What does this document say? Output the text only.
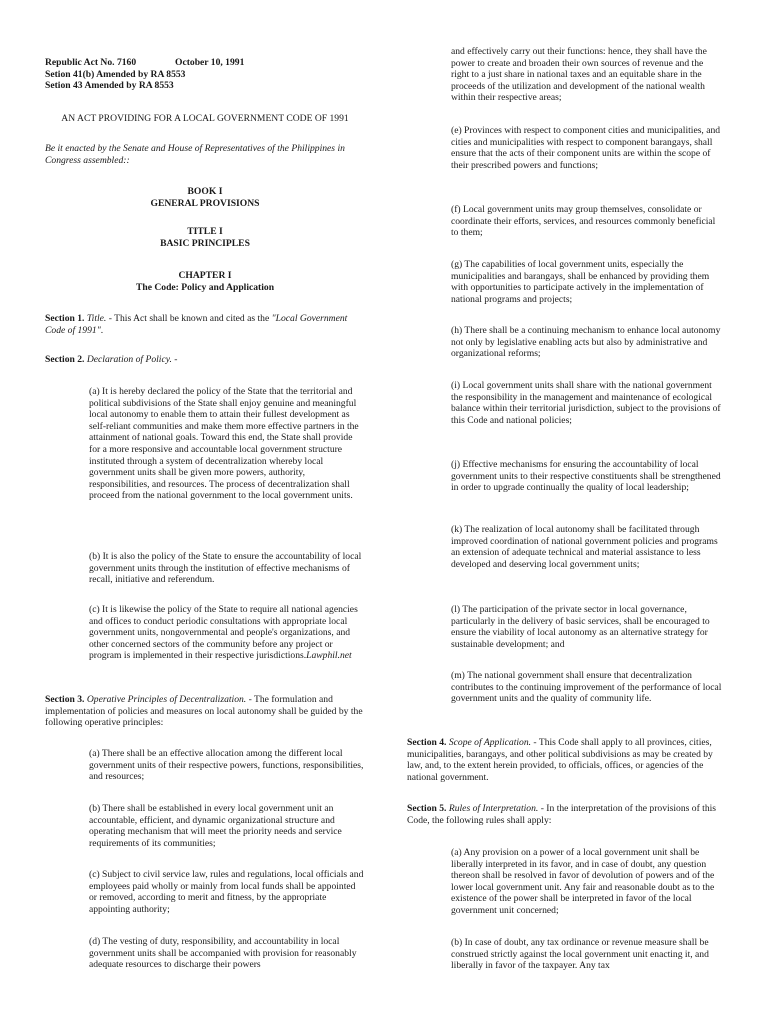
Republic Act No. 7160	October 10, 1991
Setion 41(b) Amended by RA 8553
Setion 43 Amended by RA 8553

AN ACT PROVIDING FOR A LOCAL GOVERNMENT CODE OF 1991

Be it enacted by the Senate and House of Representatives of the Philippines in Congress assembled::

BOOK I

GENERAL PROVISIONS

TITLE I

BASIC PRINCIPLES

CHAPTER I

The Code: Policy and Application

Section 1. Title. - This Act shall be known and cited as the "Local Government Code of 1991".

Section 2. Declaration of Policy. -

(a) It is hereby declared the policy of the State that the territorial and political subdivisions of the State shall enjoy genuine and meaningful local autonomy to enable them to attain their fullest development as self-reliant communities and make them more effective partners in the attainment of national goals. Toward this end, the State shall provide for a more responsive and accountable local government structure instituted through a system of decentralization whereby local government units shall be given more powers, authority, responsibilities, and resources. The process of decentralization shall proceed from the national government to the local government units.

(b) It is also the policy of the State to ensure the accountability of local government units through the institution of effective mechanisms of recall, initiative and referendum.

(c) It is likewise the policy of the State to require all national agencies and offices to conduct periodic consultations with appropriate local government units, nongovernmental and people's organizations, and other concerned sectors of the community before any project or program is implemented in their respective jurisdictions.Lawphil.net

Section 3. Operative Principles of Decentralization. - The formulation and implementation of policies and measures on local autonomy shall be guided by the following operative principles:

(a) There shall be an effective allocation among the different local government units of their respective powers, functions, responsibilities, and resources;

(b) There shall be established in every local government unit an accountable, efficient, and dynamic organizational structure and operating mechanism that will meet the priority needs and service requirements of its communities;

(c) Subject to civil service law, rules and regulations, local officials and employees paid wholly or mainly from local funds shall be appointed or removed, according to merit and fitness, by the appropriate appointing authority;

(d) The vesting of duty, responsibility, and accountability in local government units shall be accompanied with provision for reasonably adequate resources to discharge their powers

and effectively carry out their functions: hence, they shall have the power to create and broaden their own sources of revenue and the right to a just share in national taxes and an equitable share in the proceeds of the utilization and development of the national wealth within their respective areas;

(e) Provinces with respect to component cities and municipalities, and cities and municipalities with respect to component barangays, shall ensure that the acts of their component units are within the scope of their prescribed powers and functions;

(f) Local government units may group themselves, consolidate or coordinate their efforts, services, and resources commonly beneficial to them;

(g) The capabilities of local government units, especially the municipalities and barangays, shall be enhanced by providing them with opportunities to participate actively in the implementation of national programs and projects;

(h) There shall be a continuing mechanism to enhance local autonomy not only by legislative enabling acts but also by administrative and organizational reforms;

(i) Local government units shall share with the national government the responsibility in the management and maintenance of ecological balance within their territorial jurisdiction, subject to the provisions of this Code and national policies;

(j) Effective mechanisms for ensuring the accountability of local government units to their respective constituents shall be strengthened in order to upgrade continually the quality of local leadership;

(k) The realization of local autonomy shall be facilitated through improved coordination of national government policies and programs an extension of adequate technical and material assistance to less developed and deserving local government units;

(l) The participation of the private sector in local governance, particularly in the delivery of basic services, shall be encouraged to ensure the viability of local autonomy as an alternative strategy for sustainable development; and

(m) The national government shall ensure that decentralization contributes to the continuing improvement of the performance of local government units and the quality of community life.

Section 4. Scope of Application. - This Code shall apply to all provinces, cities, municipalities, barangays, and other political subdivisions as may be created by law, and, to the extent herein provided, to officials, offices, or agencies of the national government.

Section 5. Rules of Interpretation. - In the interpretation of the provisions of this Code, the following rules shall apply:

(a) Any provision on a power of a local government unit shall be liberally interpreted in its favor, and in case of doubt, any question thereon shall be resolved in favor of devolution of powers and of the lower local government unit. Any fair and reasonable doubt as to the existence of the power shall be interpreted in favor of the local government unit concerned;

(b) In case of doubt, any tax ordinance or revenue measure shall be construed strictly against the local government unit enacting it, and liberally in favor of the taxpayer. Any tax
